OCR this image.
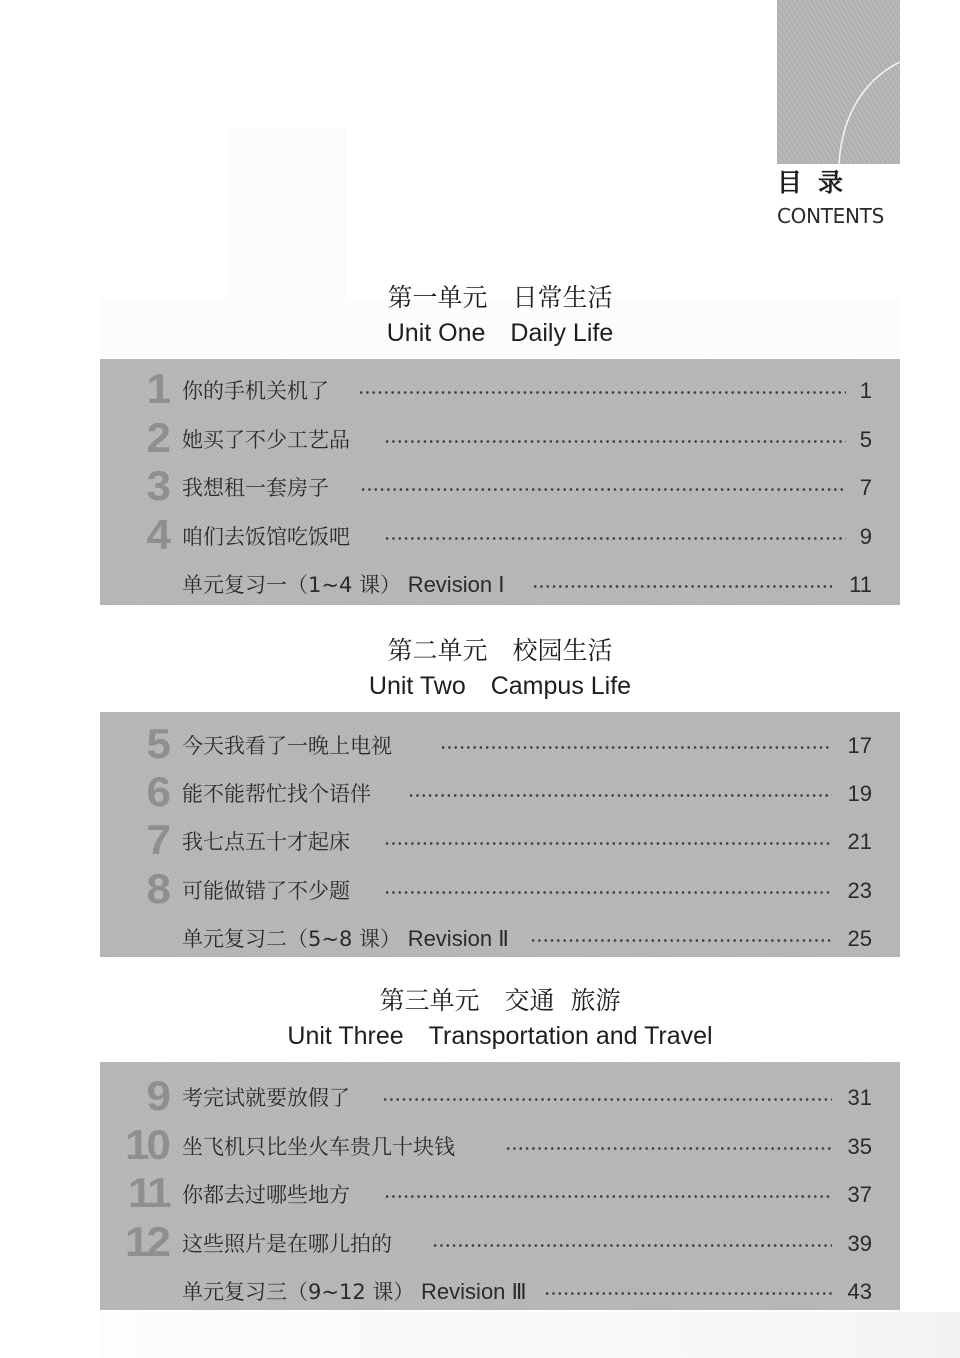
目录
CONTENTS
第一单元　日常生活
Unit One　Daily Life
1 你的手机关机了	1
2 她买了不少工艺品	5
3 我想租一套房子	7
4 咱们去饭馆吃饭吧	9
单元复习一（1~4 课） Revision Ⅰ	11
第二单元　校园生活
Unit Two　Campus Life
5 今天我看了一晚上电视	17
6 能不能帮忙找个语伴	19
7 我七点五十才起床	21
8 可能做错了不少题	23
单元复习二（5~8 课） Revision Ⅱ	25
第三单元　交通  旅游
Unit Three　Transportation and Travel
9 考完试就要放假了	31
10 坐飞机只比坐火车贵几十块钱	35
11 你都去过哪些地方	37
12 这些照片是在哪儿拍的	39
单元复习三（9~12 课） Revision Ⅲ	43
